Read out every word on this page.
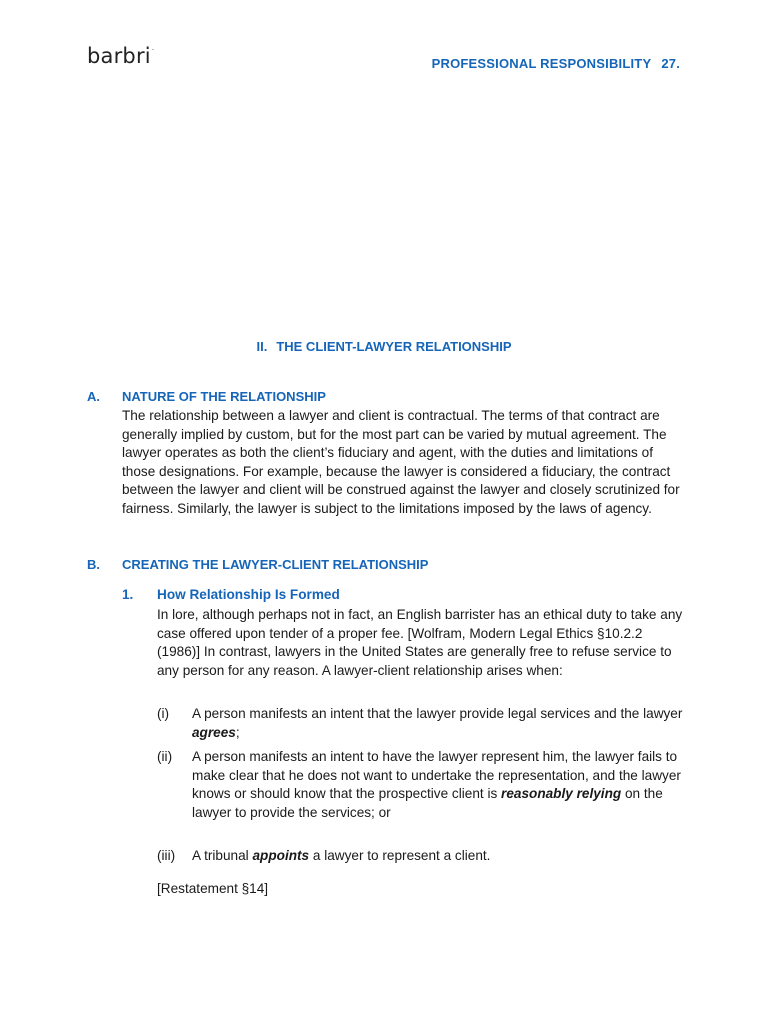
barbri·
PROFESSIONAL RESPONSIBILITY 27.
II. THE CLIENT-LAWYER RELATIONSHIP
A. NATURE OF THE RELATIONSHIP
The relationship between a lawyer and client is contractual. The terms of that contract are generally implied by custom, but for the most part can be varied by mutual agreement. The lawyer operates as both the client’s fiduciary and agent, with the duties and limitations of those designations. For example, because the lawyer is considered a fiduciary, the contract between the lawyer and client will be construed against the lawyer and closely scrutinized for fairness. Similarly, the lawyer is subject to the limitations imposed by the laws of agency.
B. CREATING THE LAWYER-CLIENT RELATIONSHIP
1. How Relationship Is Formed
In lore, although perhaps not in fact, an English barrister has an ethical duty to take any case offered upon tender of a proper fee. [Wolfram, Modern Legal Ethics §10.2.2 (1986)] In contrast, lawyers in the United States are generally free to refuse service to any person for any reason. A lawyer-client relationship arises when:
(i)	A person manifests an intent that the lawyer provide legal services and the lawyer agrees;
(ii)	A person manifests an intent to have the lawyer represent him, the lawyer fails to make clear that he does not want to undertake the representation, and the lawyer knows or should know that the prospective client is reasonably relying on the lawyer to provide the services; or
(iii)	A tribunal appoints a lawyer to represent a client.
[Restatement §14]
